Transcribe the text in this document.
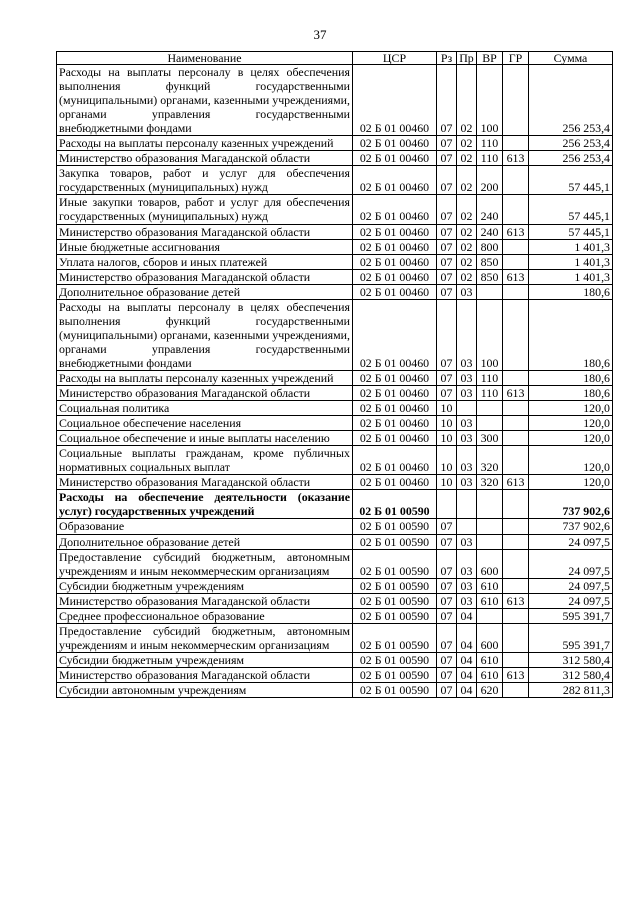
37
Наименование	ЦСР	Рз	Пр	ВР	ГР	Сумма
Расходы на выплаты персоналу в целях обеспечения выполнения функций государственными (муниципальными) органами, казенными учреждениями, органами управления государственными внебюджетными фондами	02 Б 01 00460	07	02	100		256 253,4
Расходы на выплаты персоналу казенных учреждений	02 Б 01 00460	07	02	110		256 253,4
Министерство образования Магаданской области	02 Б 01 00460	07	02	110	613	256 253,4
Закупка товаров, работ и услуг для обеспечения государственных (муниципальных) нужд	02 Б 01 00460	07	02	200		57 445,1
Иные закупки товаров, работ и услуг для обеспечения государственных (муниципальных) нужд	02 Б 01 00460	07	02	240		57 445,1
Министерство образования Магаданской области	02 Б 01 00460	07	02	240	613	57 445,1
Иные бюджетные ассигнования	02 Б 01 00460	07	02	800		1 401,3
Уплата налогов, сборов и иных платежей	02 Б 01 00460	07	02	850		1 401,3
Министерство образования Магаданской области	02 Б 01 00460	07	02	850	613	1 401,3
Дополнительное образование детей	02 Б 01 00460	07	03			180,6
Расходы на выплаты персоналу в целях обеспечения выполнения функций государственными (муниципальными) органами, казенными учреждениями, органами управления государственными внебюджетными фондами	02 Б 01 00460	07	03	100		180,6
Расходы на выплаты персоналу казенных учреждений	02 Б 01 00460	07	03	110		180,6
Министерство образования Магаданской области	02 Б 01 00460	07	03	110	613	180,6
Социальная политика	02 Б 01 00460	10				120,0
Социальное обеспечение населения	02 Б 01 00460	10	03			120,0
Социальное обеспечение и иные выплаты населению	02 Б 01 00460	10	03	300		120,0
Социальные выплаты гражданам, кроме публичных нормативных социальных выплат	02 Б 01 00460	10	03	320		120,0
Министерство образования Магаданской области	02 Б 01 00460	10	03	320	613	120,0
Расходы на обеспечение деятельности (оказание услуг) государственных учреждений	02 Б 01 00590					737 902,6
Образование	02 Б 01 00590	07				737 902,6
Дополнительное образование детей	02 Б 01 00590	07	03			24 097,5
Предоставление субсидий бюджетным, автономным учреждениям и иным некоммерческим организациям	02 Б 01 00590	07	03	600		24 097,5
Субсидии бюджетным учреждениям	02 Б 01 00590	07	03	610		24 097,5
Министерство образования Магаданской области	02 Б 01 00590	07	03	610	613	24 097,5
Среднее профессиональное образование	02 Б 01 00590	07	04			595 391,7
Предоставление субсидий бюджетным, автономным учреждениям и иным некоммерческим организациям	02 Б 01 00590	07	04	600		595 391,7
Субсидии бюджетным учреждениям	02 Б 01 00590	07	04	610		312 580,4
Министерство образования Магаданской области	02 Б 01 00590	07	04	610	613	312 580,4
Субсидии автономным учреждениям	02 Б 01 00590	07	04	620		282 811,3
